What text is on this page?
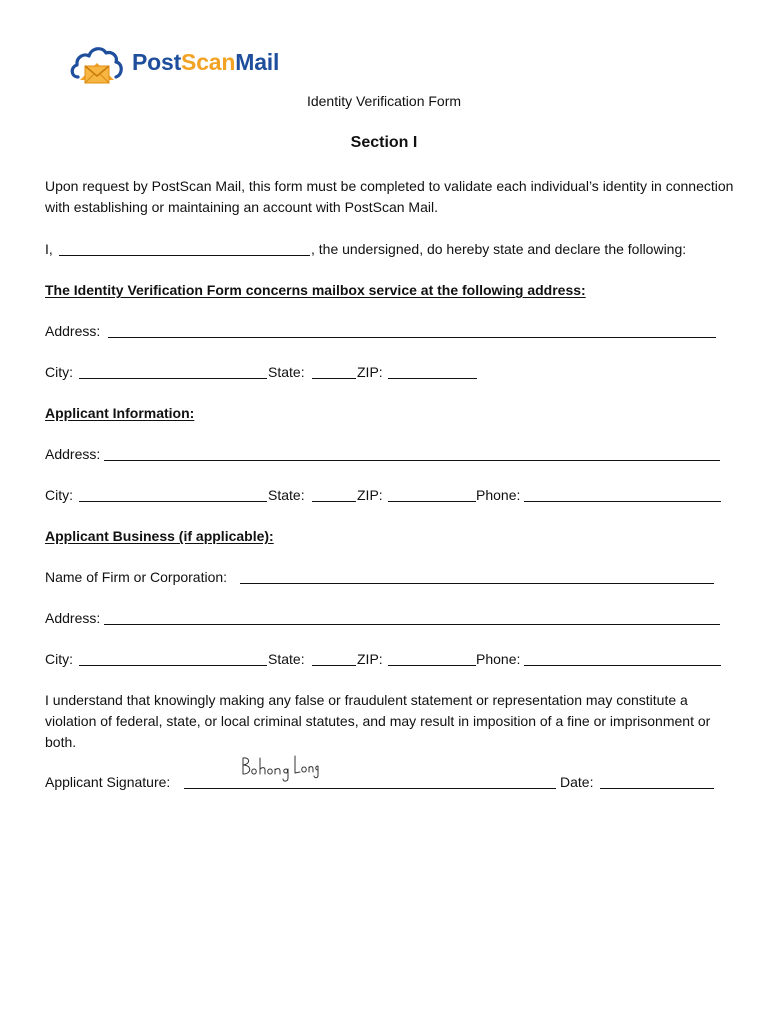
PostScanMail
Identity Verification Form
Section I
Upon request by PostScan Mail, this form must be completed to validate each individual’s identity in connection with establishing or maintaining an account with PostScan Mail.
I,	, the undersigned, do hereby state and declare the following:
The Identity Verification Form concerns mailbox service at the following address:
Address:
City:	State:	ZIP:
Applicant Information:
Address:
City:	State:	ZIP:	Phone:
Applicant Business (if applicable):
Name of Firm or Corporation:
Address:
City:	State:	ZIP:	Phone:
I understand that knowingly making any false or fraudulent statement or representation may constitute a violation of federal, state, or local criminal statutes, and may result in imposition of a fine or imprisonment or both.
Applicant Signature:	Date:
